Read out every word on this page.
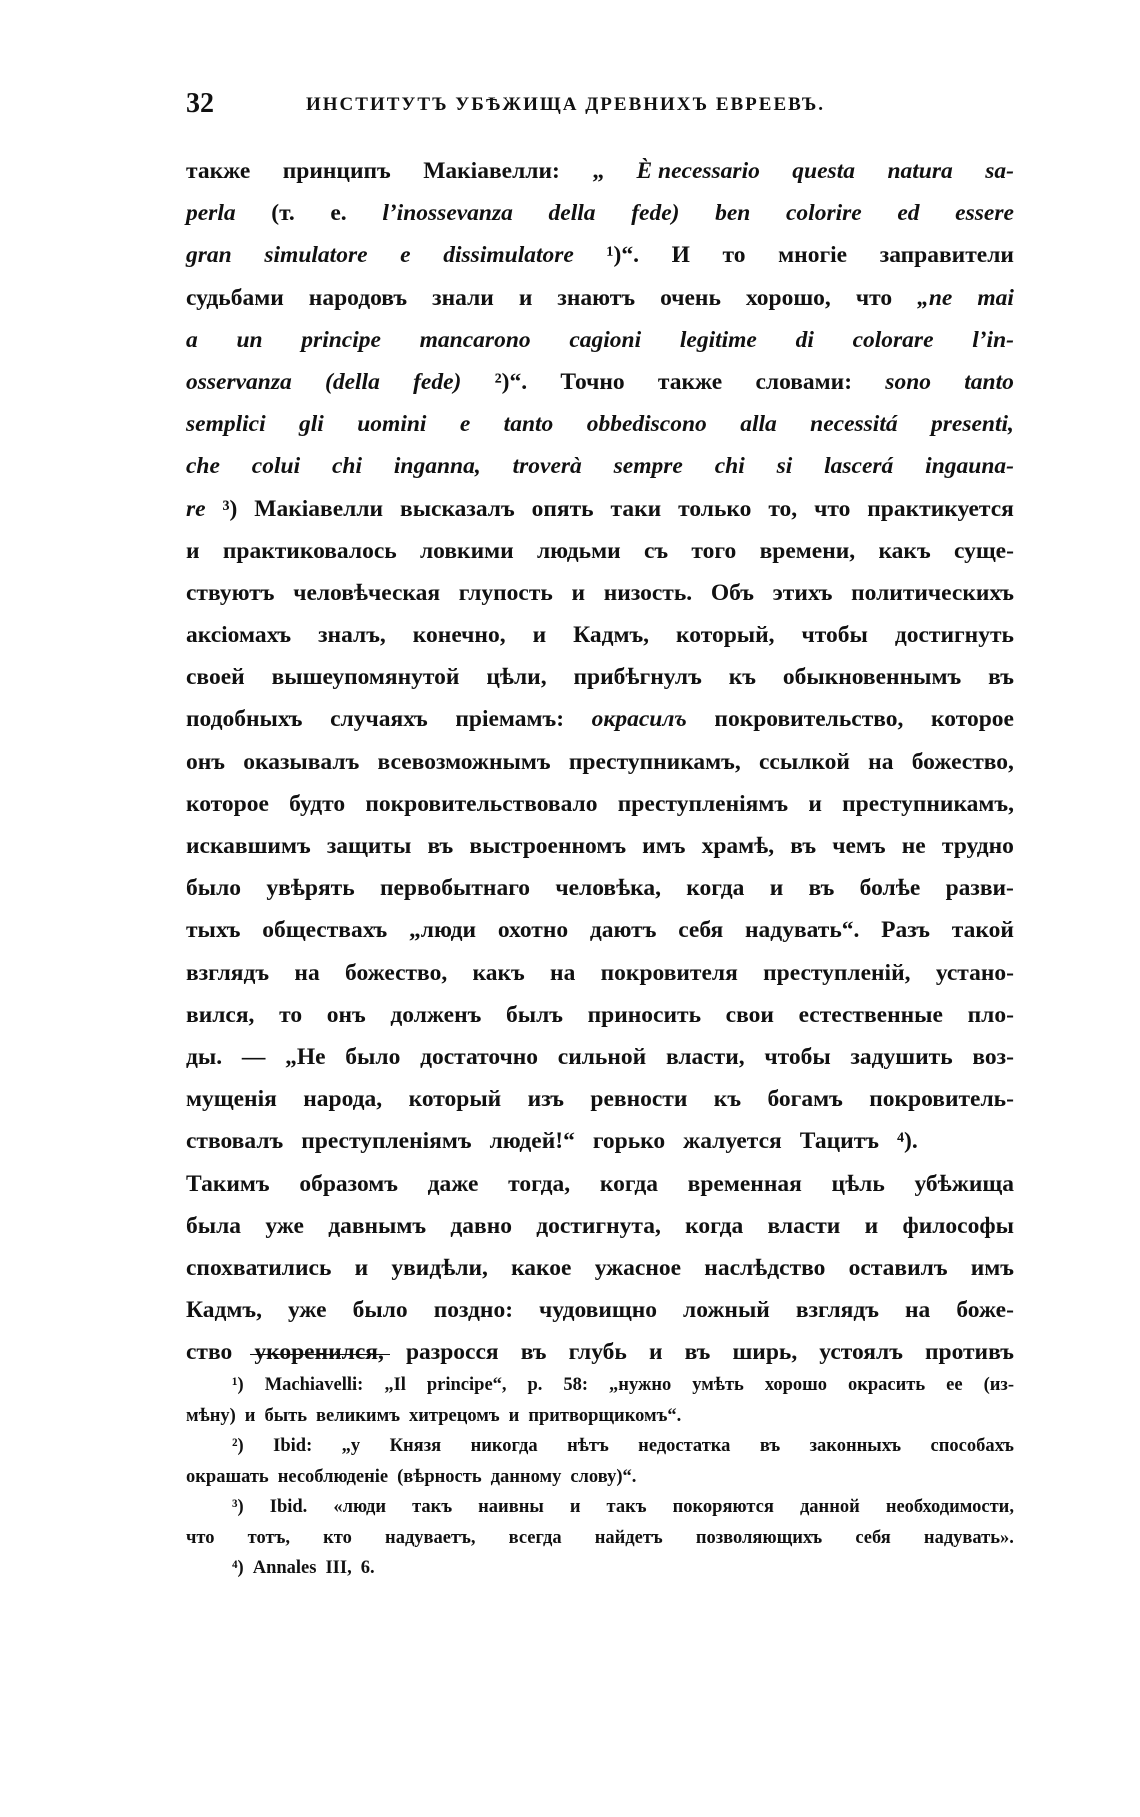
32	ИНСТИТУТЪ УБѢЖИЩА ДРЕВНИХЪ ЕВРЕЕВЪ.
также принципъ Макіавелли: „ È necessario questa natura sa-
perla (т. е. l’inossevanza della fede) ben colorire ed essere
gran simulatore e dissimulatore ¹)“. И то многіе заправители
судьбами народовъ знали и знаютъ очень хорошо, что „ne mai
a un principe mancarono cagioni legitime di colorare l’in-
osservanza (della fede) ²)“. Точно также словами: sono tanto
semplici gli uomini e tanto obbediscono alla necessitá presenti,
che colui chi inganna, troverà sempre chi si lascerá ingauna-
re ³) Макіавелли высказалъ опять таки только то, что практикуется
и практиковалось ловкими людьми съ того времени, какъ суще-
ствуютъ человѣческая глупость и низость. Объ этихъ политическихъ
аксіомахъ зналъ, конечно, и Кадмъ, который, чтобы достигнуть
своей вышеупомянутой цѣли, прибѣгнулъ къ обыкновеннымъ въ
подобныхъ случаяхъ пріемамъ: окрасилъ покровительство, которое
онъ оказывалъ всевозможнымъ преступникамъ, ссылкой на божество,
которое будто покровительствовало преступленіямъ и преступникамъ,
искавшимъ защиты въ выстроенномъ имъ храмѣ, въ чемъ не трудно
было увѣрять первобытнаго человѣка, когда и въ болѣе разви-
тыхъ обществахъ „люди охотно даютъ себя надувать“. Разъ такой
взглядъ на божество, какъ на покровителя преступленій, устано-
вился, то онъ долженъ былъ приносить свои естественные пло-
ды. — „Не было достаточно сильной власти, чтобы задушить воз-
мущенія народа, который изъ ревности къ богамъ покровитель-
ствовалъ преступленіямъ людей!“ горько жалуется Тацитъ ⁴).
Такимъ образомъ даже тогда, когда временная цѣль убѣжища
была уже давнымъ давно достигнута, когда власти и философы
спохватились и увидѣли, какое ужасное наслѣдство оставилъ имъ
Кадмъ, уже было поздно: чудовищно ложный взглядъ на боже-
ство укоренился, разросся въ глубь и въ ширь, устоялъ противъ
¹) Machiavelli: „Il principe“, p. 58: „нужно умѣть хорошо окрасить ее (из-
мѣну) и быть великимъ хитрецомъ и притворщикомъ“.
²) Ibid: „у Князя никогда нѣтъ недостатка въ законныхъ способахъ
окрашать несоблюденіе (вѣрность данному слову)“.
³) Ibid. «люди такъ наивны и такъ покоряются данной необходимости,
что тотъ, кто надуваетъ, всегда найдетъ позволяющихъ себя надувать».
⁴) Annales III, 6.
